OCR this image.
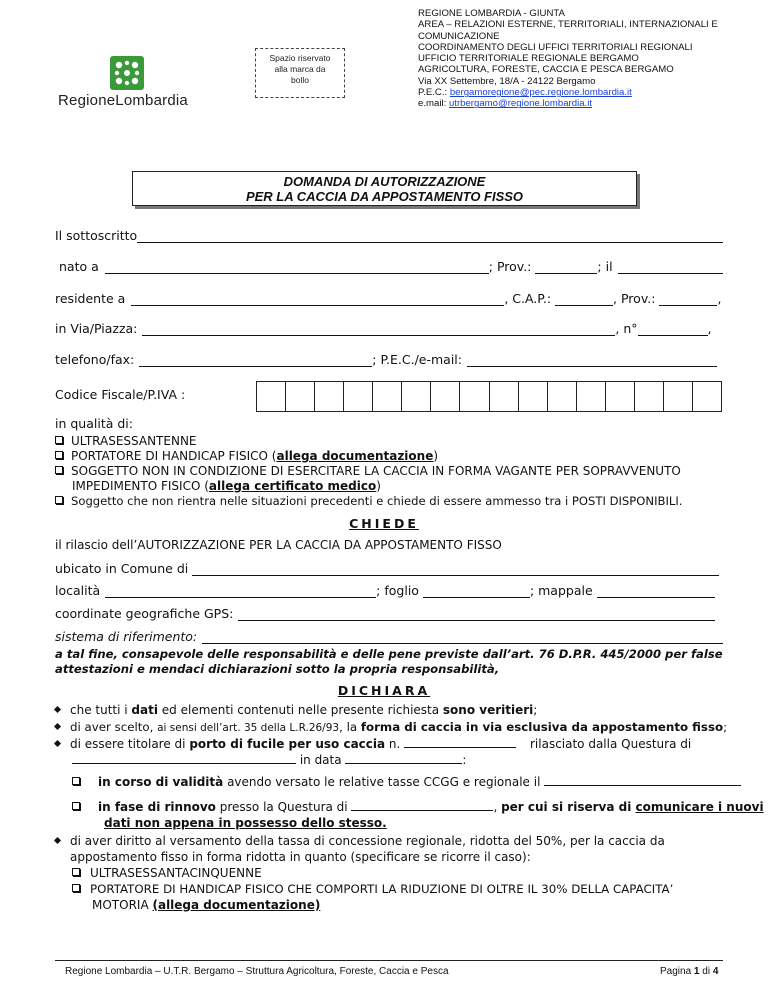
RegioneLombardia
Spazio riservato
alla marca da
bollo
REGIONE LOMBARDIA - GIUNTA
AREA – RELAZIONI ESTERNE, TERRITORIALI, INTERNAZIONALI E
COMUNICAZIONE
COORDINAMENTO DEGLI UFFICI TERRITORIALI REGIONALI
UFFICIO TERRITORIALE REGIONALE BERGAMO
AGRICOLTURA, FORESTE, CACCIA E PESCA BERGAMO
Via XX Settembre, 18/A - 24122 Bergamo
P.E.C.: bergamoregione@pec.regione.lombardia.it
e.mail: utrbergamo@regione.lombardia.it
DOMANDA DI AUTORIZZAZIONE
PER LA CACCIA DA APPOSTAMENTO FISSO
Il sottoscritto
nato a	; Prov.:	; il
residente a	, C.A.P.:	, Prov.:	,
in Via/Piazza:	, n°	,
telefono/fax:	; P.E.C./e-mail:
Codice Fiscale/P.IVA :
in qualità di:
ULTRASESSANTENNE
PORTATORE DI HANDICAP FISICO (allega documentazione)
SOGGETTO NON IN CONDIZIONE DI ESERCITARE LA CACCIA IN FORMA VAGANTE PER SOPRAVVENUTO
IMPEDIMENTO FISICO (allega certificato medico)
Soggetto che non rientra nelle situazioni precedenti e chiede di essere ammesso tra i POSTI DISPONIBILI.
CHIEDE
il rilascio dell’AUTORIZZAZIONE PER LA CACCIA DA APPOSTAMENTO FISSO
ubicato in Comune di
località	; foglio	; mappale
coordinate geografiche GPS:
sistema di riferimento:
a tal fine, consapevole delle responsabilità e delle pene previste dall’art. 76 D.P.R. 445/2000 per false
attestazioni e mendaci dichiarazioni sotto la propria responsabilità,
DICHIARA
che tutti i dati ed elementi contenuti nelle presente richiesta sono veritieri;
di aver scelto, ai sensi dell’art. 35 della L.R.26/93, la forma di caccia in via esclusiva da appostamento fisso;
di essere titolare di porto di fucile per uso caccia n.	rilasciato dalla Questura di
in data	:
in corso di validità avendo versato le relative tasse CCGG e regionale il
in fase di rinnovo presso la Questura di	, per cui si riserva di comunicare i nuovi
dati non appena in possesso dello stesso.
di aver diritto al versamento della tassa di concessione regionale, ridotta del 50%, per la caccia da
appostamento fisso in forma ridotta in quanto (specificare se ricorre il caso):
ULTRASESSANTACINQUENNE
PORTATORE DI HANDICAP FISICO CHE COMPORTI LA RIDUZIONE DI OLTRE IL 30% DELLA CAPACITA’
MOTORIA (allega documentazione)
Regione Lombardia – U.T.R. Bergamo – Struttura Agricoltura, Foreste, Caccia e Pesca	Pagina 1 di 4
